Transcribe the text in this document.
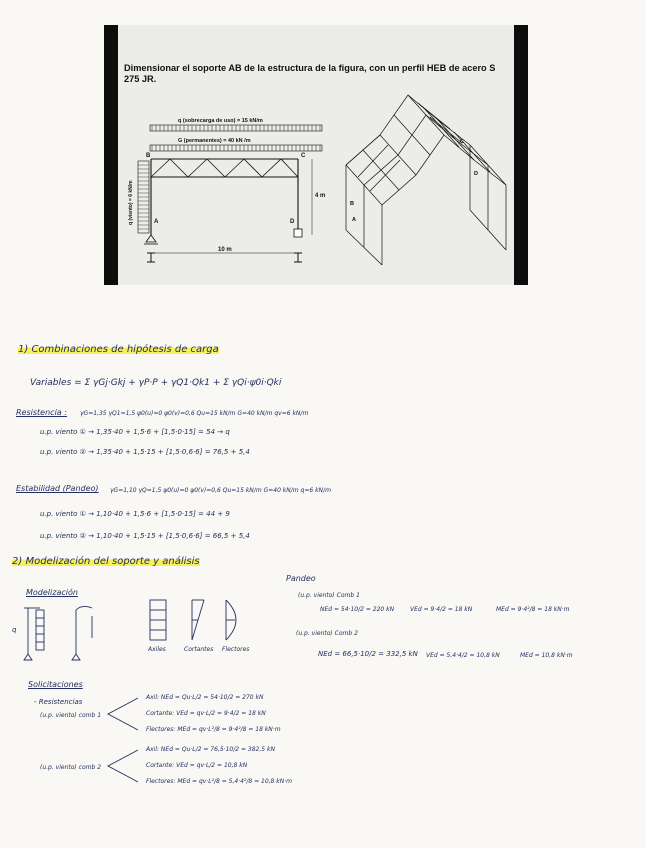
Dimensionar el soporte AB de la estructura de la figura, con un perfil HEB de acero S 275 JR.
q (sobrecarga de uso) = 15 kN/m
G (permanentes) = 40 kN /m
q (viento) = 6 kN/m
B	C
A	D
4 m
10 m
B
A
C
D
1) Combinaciones de hipótesis de carga
Variables = Σ γGj·Gkj + γP·P + γQ1·Qk1 + Σ γQi·ψ0i·Qki
Resistencia : γG=1,35 γQ1=1,5 ψ0(u)=0 ψ0(v)=0,6 Qu=15 kN/m G=40 kN/m qv=6 kN/m
u.p. viento ① → 1,35·40 + 1,5·6 + [1,5·0·15] = 54 → q
u.p. viento ② → 1,35·40 + 1,5·15 + [1,5·0,6·6] = 76,5 + 5,4
Estabilidad (Pandeo) γG=1,10 γQ=1,5 ψ0(u)=0 ψ0(v)=0,6 Qu=15 kN/m G=40 kN/m q=6 kN/m
u.p. viento ① → 1,10·40 + 1,5·6 + [1,5·0·15] = 44 + 9
u.p. viento ② → 1,10·40 + 1,5·15 + [1,5·0,6·6] = 66,5 + 5,4
2) Modelización del soporte y análisis
Modelización
q
Axiles	Cortantes Flectores
Pandeo
(u.p. viento) Comb 1
NEd = 54·10/2 = 220 kN	VEd = 9·4/2 = 18 kN	MEd = 9·4²/8 = 18 kN·m
(u.p. viento) Comb 2
NEd = 66,5·10/2 = 332,5 kN VEd = 5,4·4/2 = 10,8 kN	MEd = 10,8 kN·m
Solicitaciones
- Resistencias
(u.p. viento) comb 1
Axil: NEd = Qu·L/2 = 54·10/2 = 270 kN
Cortante: VEd = qv·L/2 = 9·4/2 = 18 kN
Flectores: MEd = qv·L²/8 = 9·4²/8 = 18 kN·m
(u.p. viento) comb 2
Axil: NEd = Qu·L/2 = 76,5·10/2 = 382,5 kN
Cortante: VEd = qv·L/2 = 10,8 kN
Flectores: MEd = qv·L²/8 = 5,4·4²/8 = 10,8 kN·m
